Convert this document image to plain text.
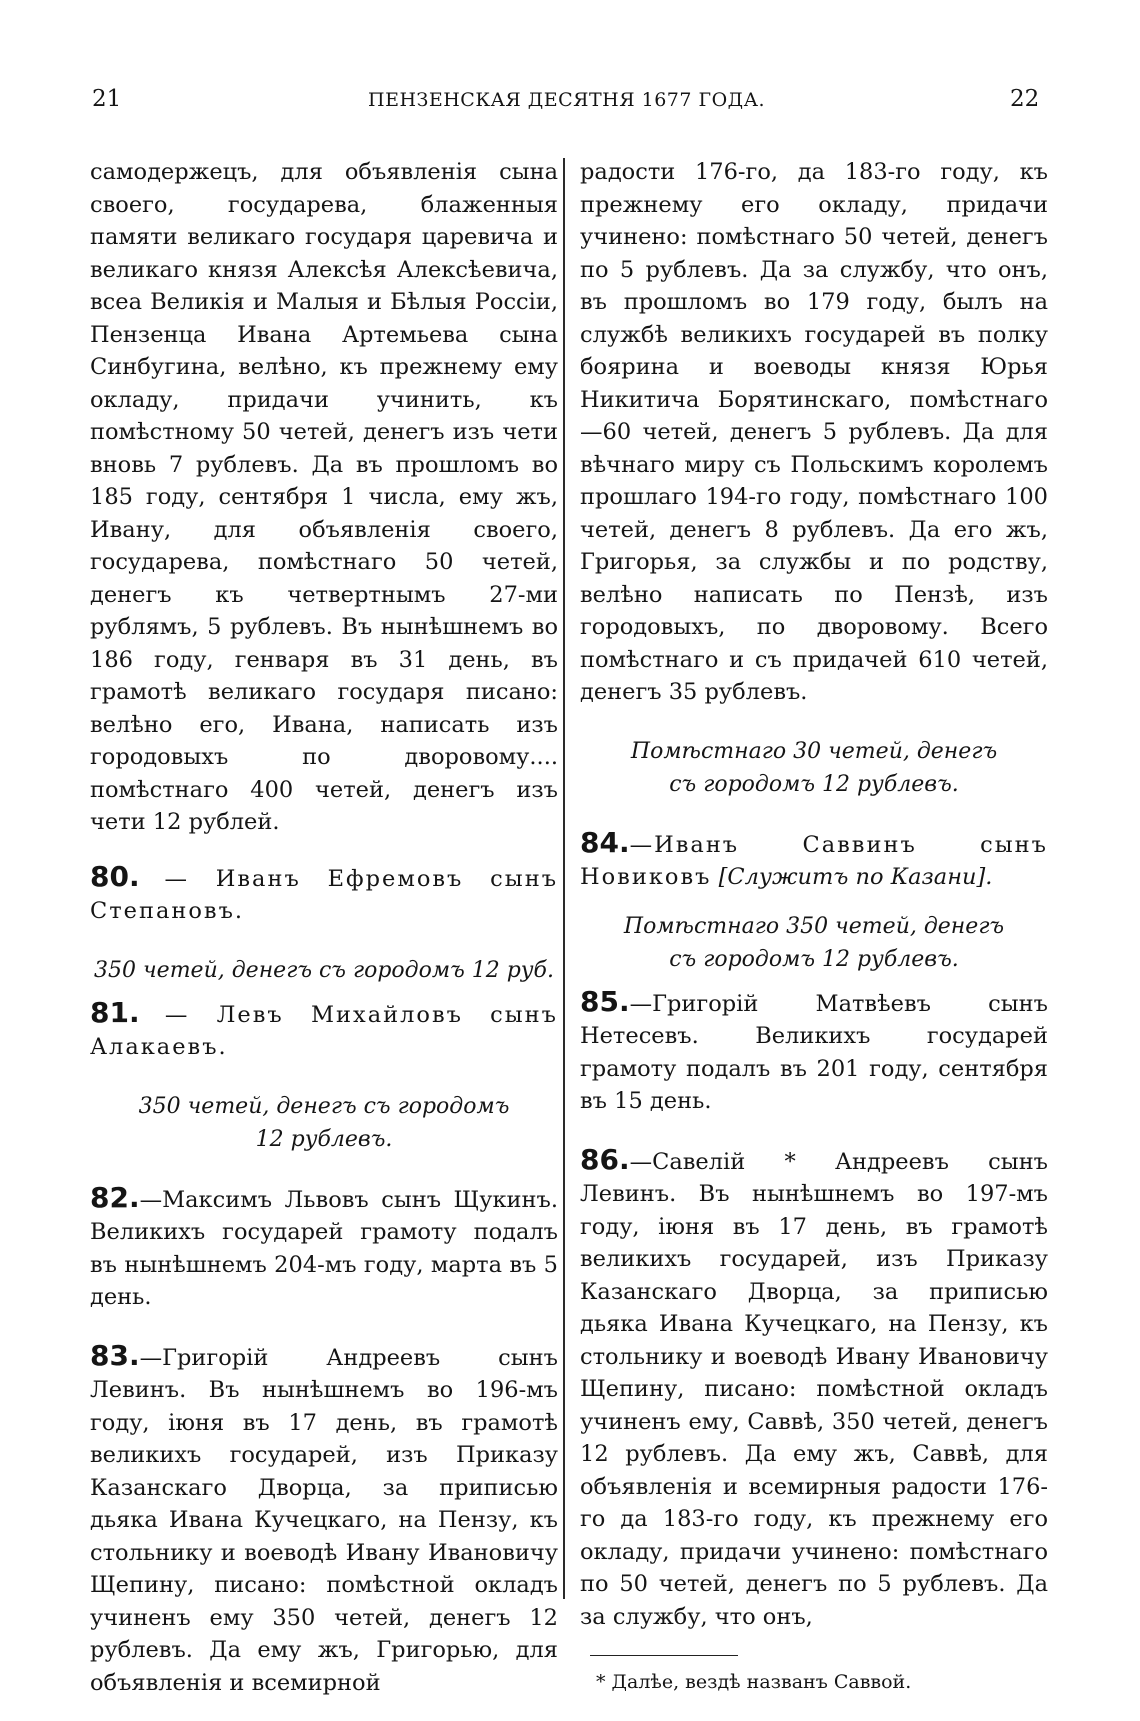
21	ПЕНЗЕНСКАЯ ДЕСЯТНЯ 1677 ГОДА.	22

самодержецъ, для объявленія сына своего, государева, блаженныя памяти великаго государя царевича и великаго князя Алексѣя Алексѣевича, всеа Великія и Малыя и Бѣлыя Россіи, Пензенца Ивана Артемьева сына Синбугина, велѣно, къ прежнему ему окладу, придачи учинить, къ помѣстному 50 четей, денегъ изъ чети вновь 7 рублевъ. Да въ прошломъ во 185 году, сентября 1 числа, ему жъ, Ивану, для объявленія своего, государева, помѣстнаго 50 четей, денегъ къ четвертнымъ 27-ми рублямъ, 5 рублевъ. Въ нынѣшнемъ во 186 году, генваря въ 31 день, въ грамотѣ великаго государя писано: велѣно его, Ивана, написать изъ городовыхъ по дворовому.... помѣстнаго 400 четей, денегъ изъ чети 12 рублей.

80. — Иванъ Ефремовъ сынъ Степановъ.

350 четей, денегъ съ городомъ 12 руб.

81. — Левъ Михайловъ сынъ Алакаевъ.

350 четей, денегъ съ городомъ

12 рублевъ.

82.—Максимъ Львовъ сынъ Щукинъ. Великихъ государей грамоту подалъ въ нынѣшнемъ 204-мъ году, марта въ 5 день.

83.—Григорій Андреевъ сынъ Левинъ. Въ нынѣшнемъ во 196-мъ году, іюня въ 17 день, въ грамотѣ великихъ государей, изъ Приказу Казанскаго Дворца, за приписью дьяка Ивана Кучецкаго, на Пензу, къ стольнику и воеводѣ Ивану Ивановичу Щепину, писано: помѣстной окладъ учиненъ ему 350 четей, денегъ 12 рублевъ. Да ему жъ, Григорью, для объявленія и всемирной

радости 176-го, да 183-го году, къ прежнему его окладу, придачи учинено: помѣстнаго 50 четей, денегъ по 5 рублевъ. Да за службу, что онъ, въ прошломъ во 179 году, былъ на службѣ великихъ государей въ полку боярина и воеводы князя Юрья Никитича Борятинскаго, помѣстнаго—60 четей, денегъ 5 рублевъ. Да для вѣчнаго миру съ Польскимъ королемъ прошлаго 194-го году, помѣстнаго 100 четей, денегъ 8 рублевъ. Да его жъ, Григорья, за службы и по родству, велѣно написать по Пензѣ, изъ городовыхъ, по дворовому. Всего помѣстнаго и съ придачей 610 четей, денегъ 35 рублевъ.

Помѣстнаго 30 четей, денегъ

съ городомъ 12 рублевъ.

84.—Иванъ Саввинъ сынъ Новиковъ [Служитъ по Казани].

Помѣстнаго 350 четей, денегъ

съ городомъ 12 рублевъ.

85.—Григорій Матвѣевъ сынъ Нетесевъ. Великихъ государей грамоту подалъ въ 201 году, сентября въ 15 день.

86.—Савелій * Андреевъ сынъ Левинъ. Въ нынѣшнемъ во 197-мъ году, іюня въ 17 день, въ грамотѣ великихъ государей, изъ Приказу Казанскаго Дворца, за приписью дьяка Ивана Кучецкаго, на Пензу, къ стольнику и воеводѣ Ивану Ивановичу Щепину, писано: помѣстной окладъ учиненъ ему, Саввѣ, 350 четей, денегъ 12 рублевъ. Да ему жъ, Саввѣ, для объявленія и всемирныя радости 176-го да 183-го году, къ прежнему его окладу, придачи учинено: помѣстнаго по 50 четей, денегъ по 5 рублевъ. Да за службу, что онъ,

* Далѣе, вездѣ названъ Саввой.
